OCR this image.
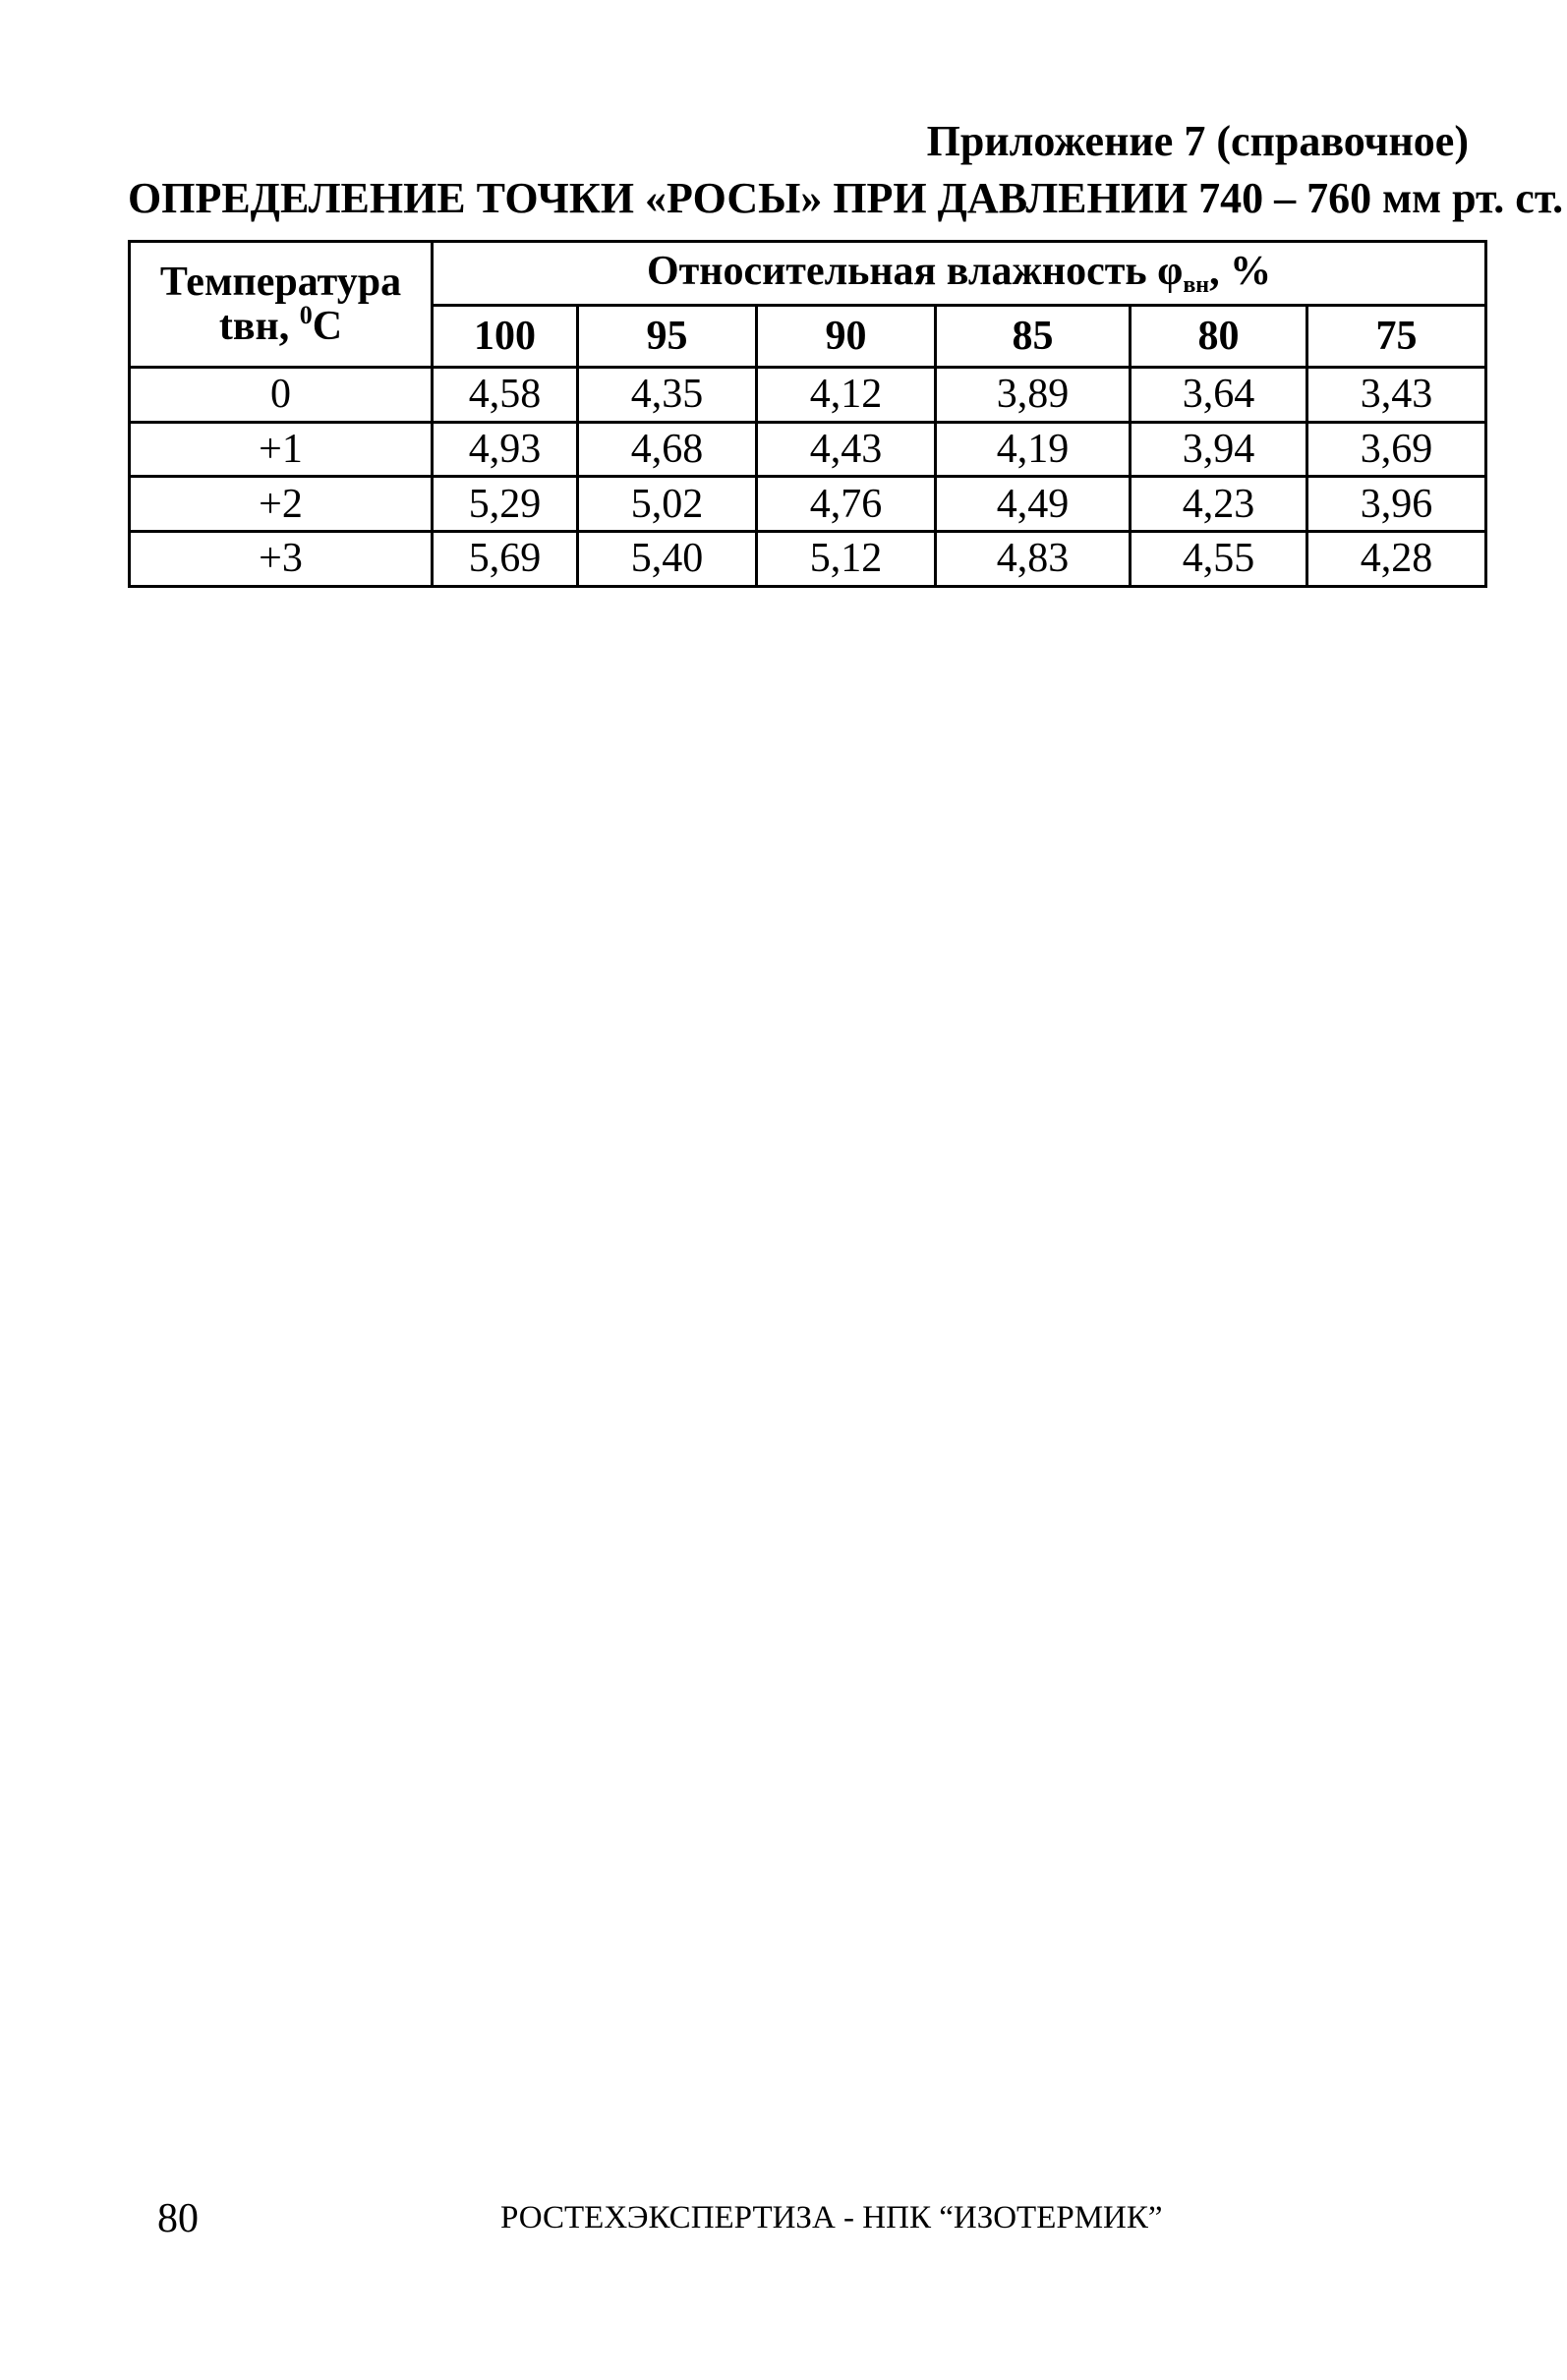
Приложение 7 (справочное)
ОПРЕДЕЛЕНИЕ ТОЧКИ «РОСЫ» ПРИ ДАВЛЕНИИ 740 – 760 мм рт. ст.
Температура
tвн, $^0$С	Относительная влажность $\varphi_{вн}$, %					
	100	95	90	85	80	75
0	4,58	4,35	4,12	3,89	3,64	3,43
+1	4,93	4,68	4,43	4,19	3,94	3,69
+2	5,29	5,02	4,76	4,49	4,23	3,96
+3	5,69	5,40	5,12	4,83	4,55	4,28
80	РОСТЕХЭКСПЕРТИЗА - НПК “ИЗОТЕРМИК”
